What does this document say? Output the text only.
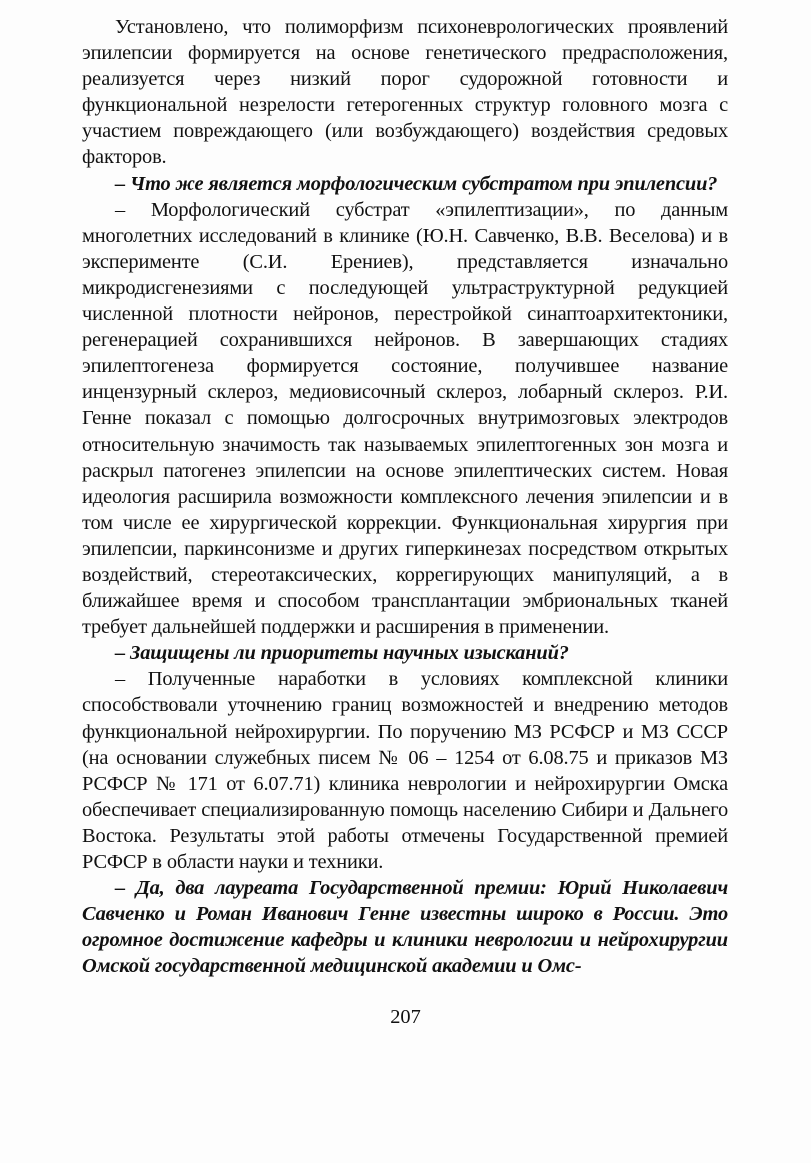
Установлено, что полиморфизм психоневрологических проявлений эпилепсии формируется на основе генетического предрасположения, реализуется через низкий порог судорожной готовности и функциональной незрелости гетерогенных структур головного мозга с участием повреждающего (или возбуждающего) воздействия средовых факторов.

– Что же является морфологическим субстратом при эпилепсии?

– Морфологический субстрат «эпилептизации», по данным многолетних исследований в клинике (Ю.Н. Савченко, В.В. Веселова) и в эксперименте (С.И. Ерениев), представляется изначально микродисгенезиями с последующей ультраструктурной редукцией численной плотности нейронов, перестройкой синаптоархитектоники, регенерацией сохранившихся нейронов. В завершающих стадиях эпилептогенеза формируется состояние, получившее название инцензурный склероз, медиовисочный склероз, лобарный склероз. Р.И. Генне показал с помощью долгосрочных внутримозговых электродов относительную значимость так называемых эпилептогенных зон мозга и раскрыл патогенез эпилепсии на основе эпилептических систем. Новая идеология расширила возможности комплексного лечения эпилепсии и в том числе ее хирургической коррекции. Функциональная хирургия при эпилепсии, паркинсонизме и других гиперкинезах посредством открытых воздействий, стереотаксических, коррегирующих манипуляций, а в ближайшее время и способом трансплантации эмбриональных тканей требует дальнейшей поддержки и расширения в применении.

– Защищены ли приоритеты научных изысканий?

– Полученные наработки в условиях комплексной клиники способствовали уточнению границ возможностей и внедрению методов функциональной нейрохирургии. По поручению МЗ РСФСР и МЗ СССР (на основании служебных писем № 06 – 1254 от 6.08.75 и приказов МЗ РСФСР № 171 от 6.07.71) клиника неврологии и нейрохирургии Омска обеспечивает специализированную помощь населению Сибири и Дальнего Востока. Результаты этой работы отмечены Государственной премией РСФСР в области науки и техники.

– Да, два лауреата Государственной премии: Юрий Николаевич Савченко и Роман Иванович Генне известны широко в России. Это огромное достижение кафедры и клиники неврологии и нейрохирургии Омской государственной медицинской академии и Омс-

207
